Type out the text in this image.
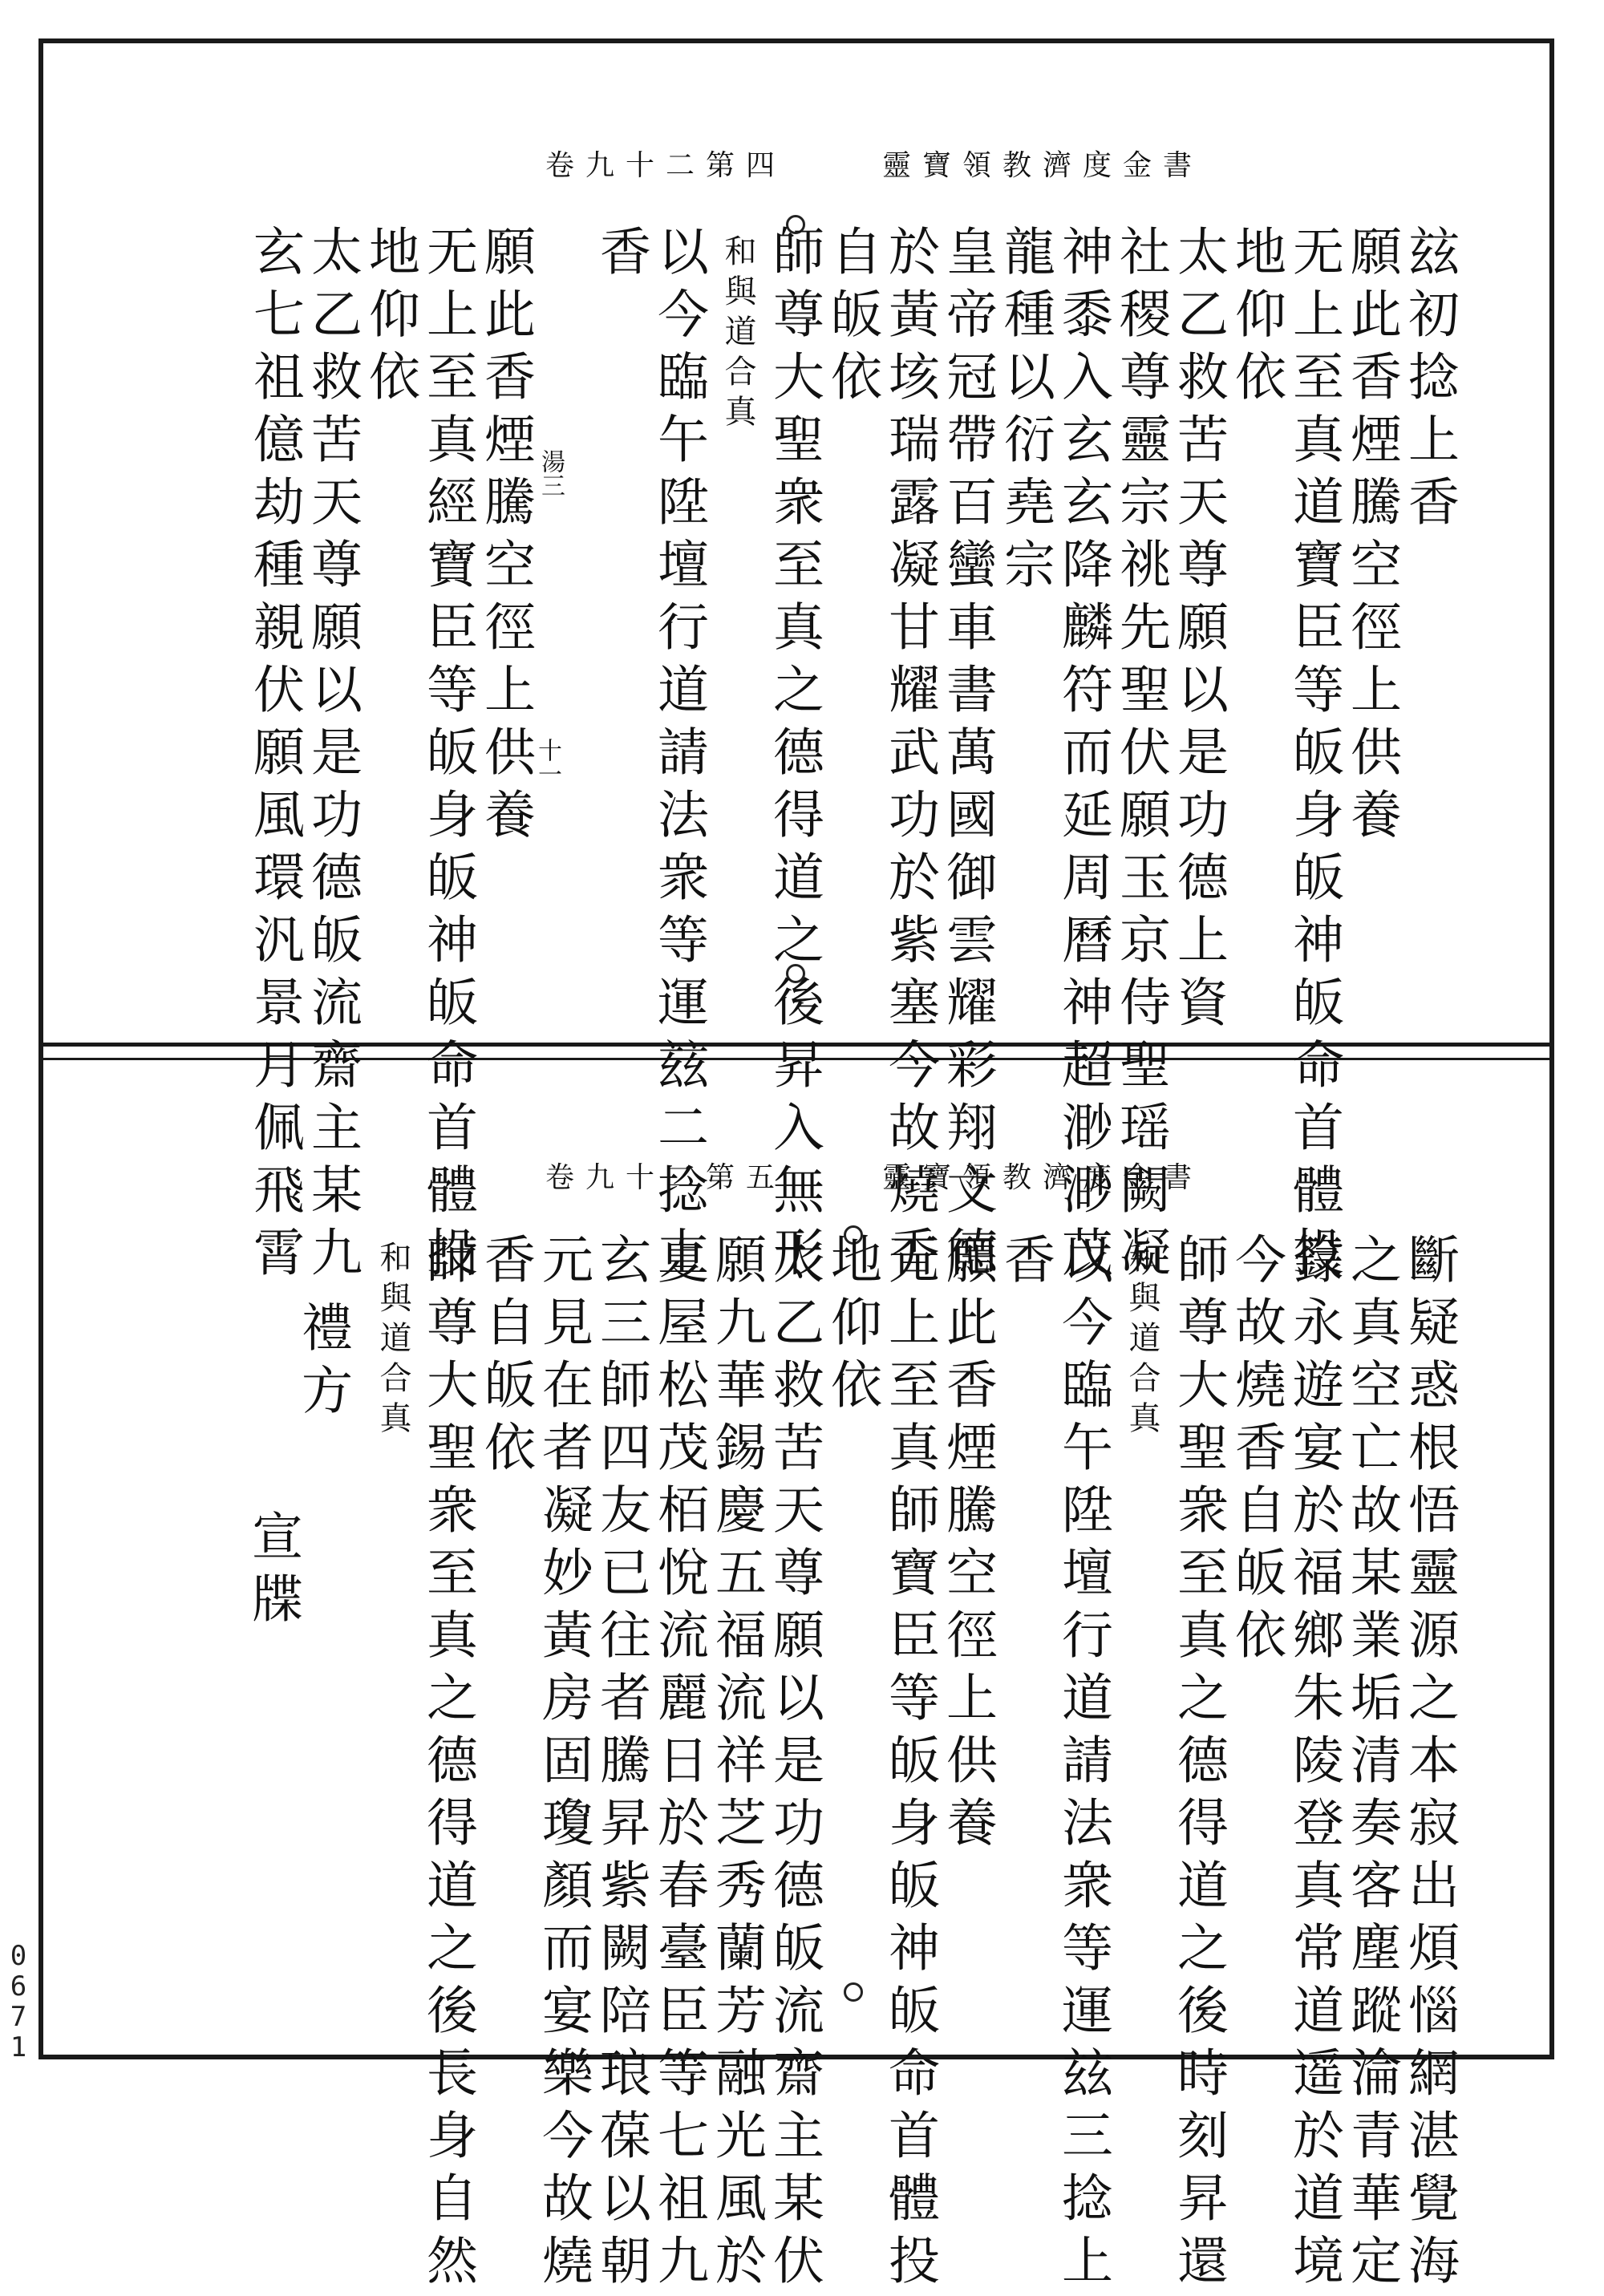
靈寶領教濟度金書
卷九十二第四
玆初捻上香
願此香煙騰空徑上供養
无上至真道寶臣等皈身皈神皈命首體投
地仰依
太乙救苦天尊願以是功德上資
社稷尊靈宗祧先聖伏願玉京侍聖瑶闕凝
神黍入玄玄降麟符而延周曆神超渺渺茂
龍種以衍堯宗
皇帝冠帶百蠻車書萬國御雲耀彩翔文德
於黃垓瑞露凝甘耀武功於紫塞今故燒香
自皈依
師尊大聖衆至真之德得道之後昇入無形
和與道合真
以今臨午陞壇行道請法衆等運玆二捻上
香
湯三
十一
願此香煙騰空徑上供養
无上至真經寶臣等皈身皈神皈命首體投
地仰依
太乙救苦天尊願以是功德皈流齋主某九
玄七祖億劫種親伏願風環汎景月佩飛霄	靈寶領教濟度金書
卷九十二第五
斷疑惑根悟靈源之本寂出煩惱網湛覺海
之真空亡故某業垢清奏客塵蹤淪青華定
籙永遊宴於福鄉朱陵登真常道遥於道境
今故燒香自皈依
師尊大聖衆至真之德得道之後時刻昇還
和與道合真
以今臨午陞壇行道請法衆等運玆三捻上
香
願此香煙騰空徑上供養
无上至真師寶臣等皈身皈神皈命首體投
地仰依
太乙救苦天尊願以是功德皈流齋主某伏
願九華錫慶五福流祥芝秀蘭芳融光風於
夏屋松茂栢悅流麗日於春臺臣等七祖九
玄三師四友已往者騰昇紫闕陪琅葆以朝
元見在者凝妙黃房固瓊顏而宴樂今故燒
香自皈依
師尊大聖衆至真之德得道之後長身自然
和與道合真
禮方
宣牒
0671
